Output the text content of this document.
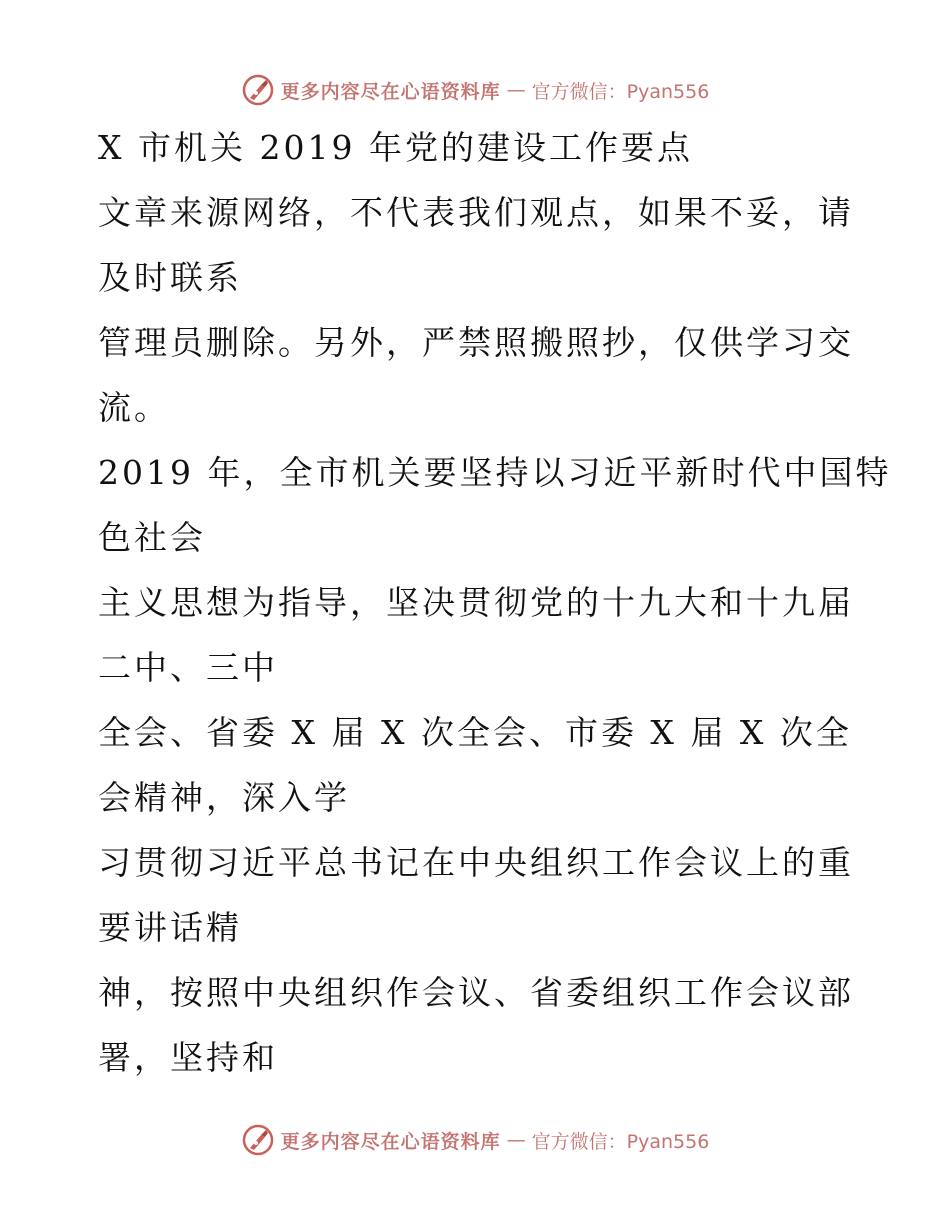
更多内容尽在心语资料库 — 官方微信：Pyan556
X 市机关 2019 年党的建设工作要点
文章来源网络，不代表我们观点，如果不妥，请
及时联系
管理员删除。另外，严禁照搬照抄，仅供学习交
流。
2019 年，全市机关要坚持以习近平新时代中国特
色社会
主义思想为指导，坚决贯彻党的十九大和十九届
二中、三中
全会、省委 X 届 X 次全会、市委 X 届 X 次全
会精神，深入学
习贯彻习近平总书记在中央组织工作会议上的重
要讲话精
神，按照中央组织作会议、省委组织工作会议部
署，坚持和
更多内容尽在心语资料库 — 官方微信：Pyan556
